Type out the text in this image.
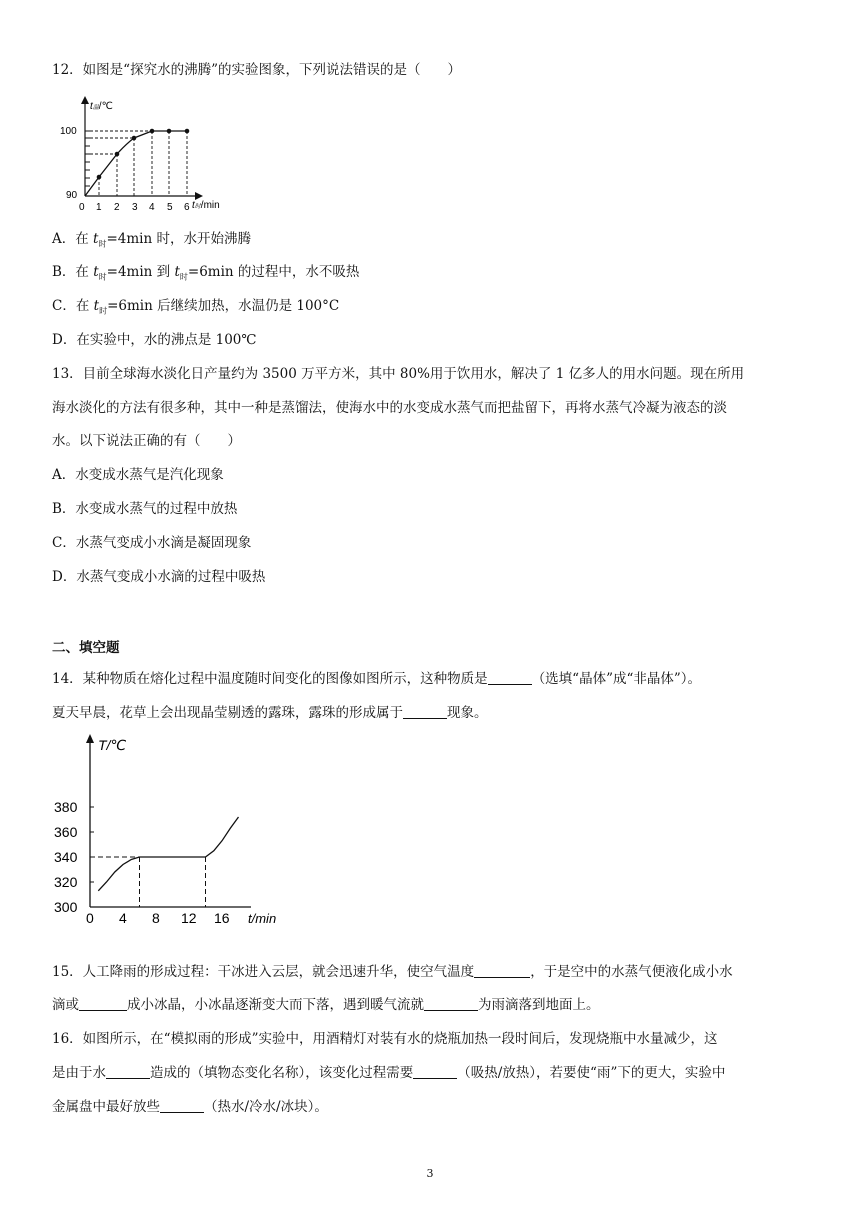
12．如图是“探究水的沸腾”的实验图象，下列说法错误的是（　　）
t温/℃
t时/min
100
90
0 1 2 3 4 5 6
A．在 $t_时=4\min$ 时，水开始沸腾
B．在 $t_时=4\min$ 到 $t_时=6\min$ 的过程中，水不吸热
C．在 $t_时=6\min$ 后继续加热，水温仍是 100°C
D．在实验中，水的沸点是 100℃
13．目前全球海水淡化日产量约为 3500 万平方米，其中 80%用于饮用水，解决了 1 亿多人的用水问题。现在所用
海水淡化的方法有很多种，其中一种是蒸馏法，使海水中的水变成水蒸气而把盐留下，再将水蒸气冷凝为液态的淡
水。以下说法正确的有（　　）
A．水变成水蒸气是汽化现象
B．水变成水蒸气的过程中放热
C．水蒸气变成小水滴是凝固现象
D．水蒸气变成小水滴的过程中吸热
二、填空题
14．某种物质在熔化过程中温度随时间变化的图像如图所示，这种物质是	（选填“晶体”成“非晶体”）。
夏天早晨，花草上会出现晶莹剔透的露珠，露珠的形成属于	现象。
T/℃
t/min
380
360
340
320
300
0 4 8 12 16
15．人工降雨的形成过程：干冰进入云层，就会迅速升华，使空气温度	，于是空中的水蒸气便液化成小水
滴或	成小冰晶，小冰晶逐渐变大而下落，遇到暖气流就	为雨滴落到地面上。
16．如图所示，在“模拟雨的形成”实验中，用酒精灯对装有水的烧瓶加热一段时间后，发现烧瓶中水量减少，这
是由于水	造成的（填物态变化名称），该变化过程需要	（吸热/放热），若要使“雨”下的更大，实验中
金属盘中最好放些	（热水/冷水/冰块）。
3
